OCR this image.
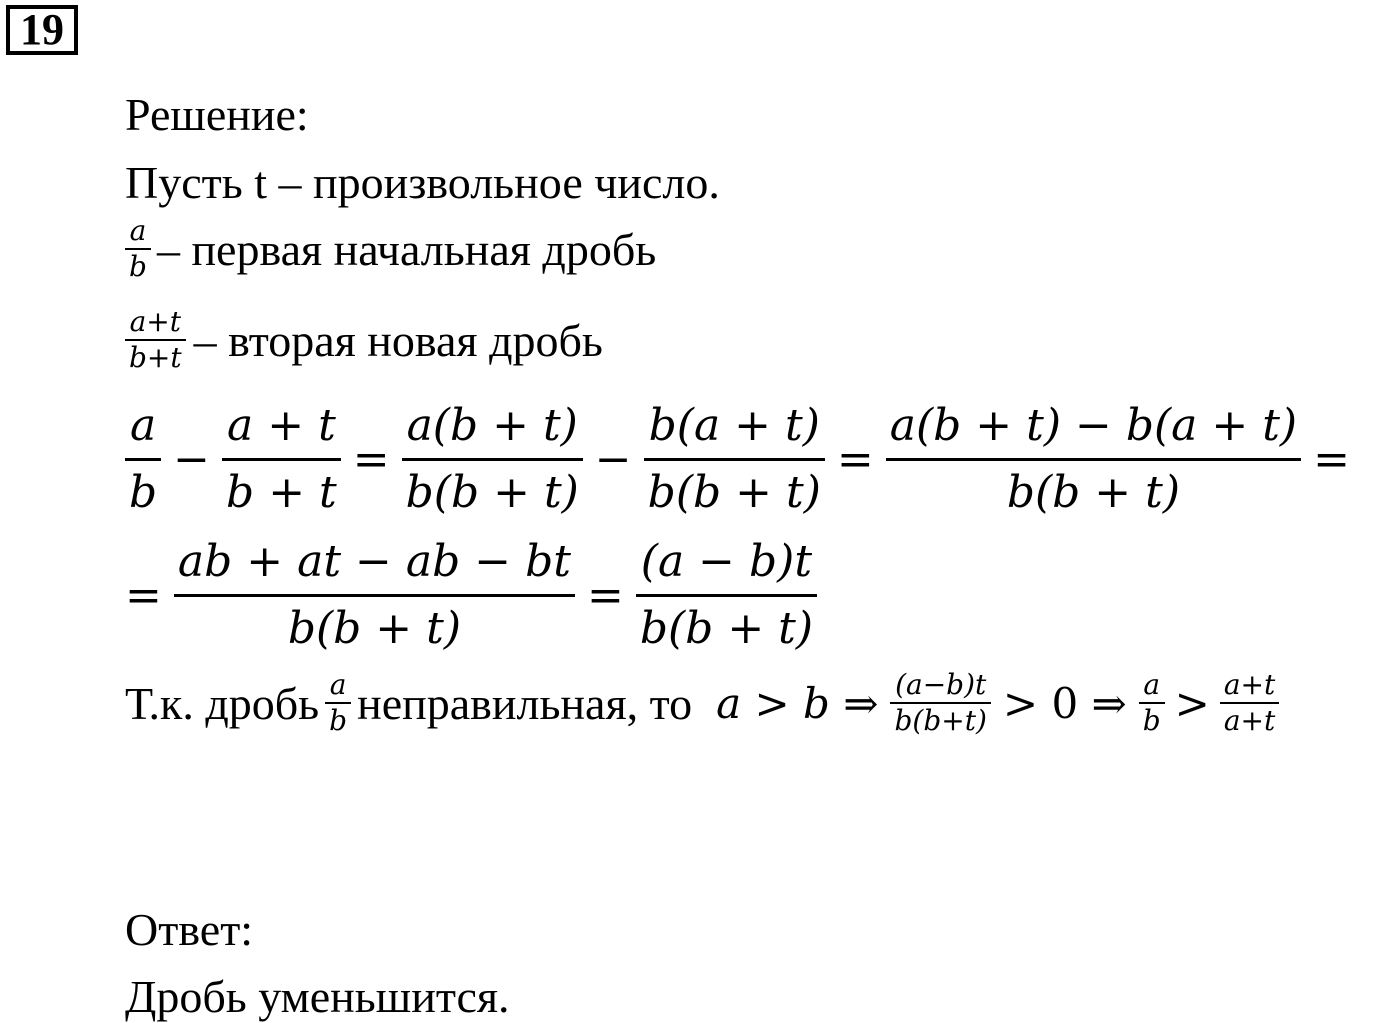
19
Решение:
Пусть t – произвольное число.
$\frac{a}{b}$ – первая начальная дробь
$\frac{a+t}{b+t}$ – вторая новая дробь
$\frac{a}{b} - \frac{a + t}{b + t} = \frac{a(b + t)}{b(b + t)} - \frac{b(a + t)}{b(b + t)} = \frac{a(b + t) - b(a + t)}{b(b + t)}$ =
= $\frac{ab + at - ab - bt}{b(b + t)} = \frac{(a - b)t}{b(b + t)}$
Т.к. дробь $\frac{a}{b}$ неправильная, то a > b ⇒ $\frac{(a-b)t}{b(b+t)} > 0$ ⇒ $\frac{a}{b} > \frac{a+t}{a+t}$
Ответ:
Дробь уменьшится.
